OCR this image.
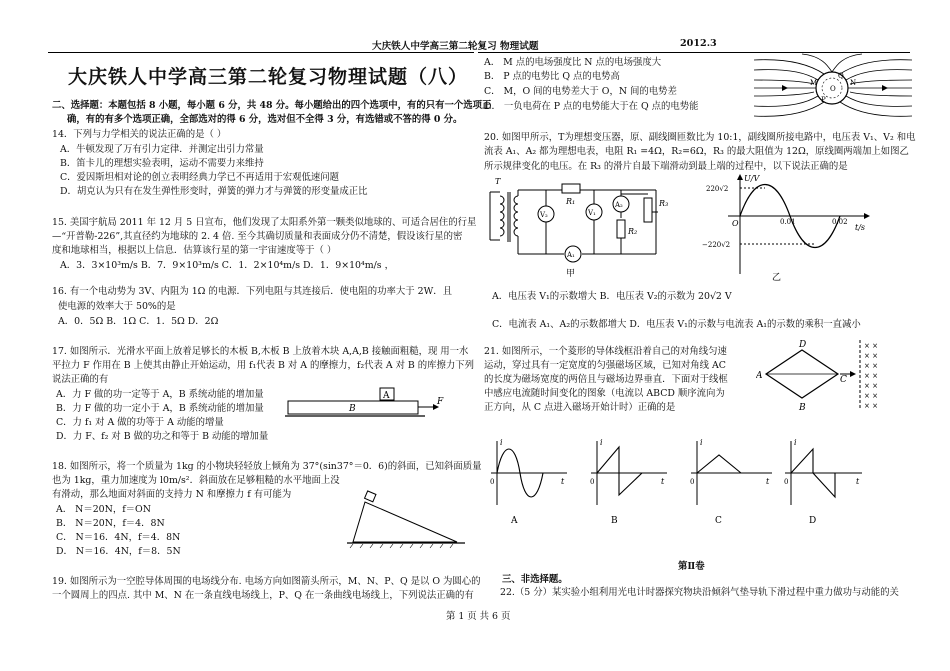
大庆铁人中学高三第二轮复习 物理试题	2012.3
大庆铁人中学高三第二轮复习物理试题（八）
二、选择题：本题包括 8 小题，每小题 6 分，共 48 分。每小题给出的四个选项中，有的只有一个选项正
确，有的有多个选项正确，全部选对的得 6 分，选对但不全得 3 分，有选错或不答的得 0 分。
14．下列与力学相关的说法正确的是（ ）
A．牛顿发现了万有引力定律．并测定出引力常量
B．笛卡儿的理想实验表明，运动不需要力来维持
C．爱因斯坦相对论的创立表明经典力学已不再适用于宏观低速问题
D．胡克认为只有在发生弹性形变时，弹簧的弹力才与弹簧的形变量成正比
15. 美国宇航局 2011 年 12 月 5 日宣布，他们发现了太阳系外第一颗类似地球的、可适合居住的行星
—“开普勒-226”,其直径约为地球的 2. 4 倍. 至今其确切质量和表面成分仍不清楚，假设该行星的密
度和地球相当，根据以上信息．估算该行星的第一宇宙速度等于（ ）
A．3．3×10³m/s B．7．9×10³m/s C．1．2×10⁴m/s D．1．9×10⁴m/s ，
16. 有一个电动势为 3V、内阻为 1Ω 的电源．下列电阻与其连接后．使电阻的功率大于 2W．且
使电源的效率大于 50%的是
A．0．5Ω B．1Ω C．1．5Ω D．2Ω
17. 如图所示．光滑水平面上放着足够长的木板 B,木板 B 上放着木块 A,A,B 接触面粗糙，现 用一水
平拉力 F 作用在 B 上使其由静止开始运动，用 f₁代表 B 对 A 的摩擦力，f₂代表 A 对 B 的库擦力下列
说法正确的有
A．力 F 做的功一定等于 A，B 系统动能的增加量
B．力 F 做的功一定小于 A，B 系统动能的增加量
C．力 f₁ 对 A 做的功等于 A 动能的增量
D．力 F、f₂ 对 B 做的功之和等于 B 动能的增加量
A
B
F
18. 如图所示，将一个质量为 1kg 的小物块轻轻放上倾角为 37°(sin37°＝0．6)的斜面，已知斜面质量
也为 1kg，重力加速度为 l0m/s²．斜面放在足够粗糙的水平地面上没
有滑动，那么地面对斜面的支持力 N 和摩擦力 f 有可能为
A． N＝20N，f＝ON
B． N＝20N，f＝4．8N
C． N＝16．4N，f＝4．8N
D． N＝16．4N，f＝8．5N
19. 如图所示为一空腔导体周围的电场线分布. 电场方向如图箭头所示，M、N、P、Q 是以 O 为圆心的
一个圆周上的四点. 其中 M、N 在一条直线电场线上，P、Q 在一条曲线电场线上，下列说法正确的有
A． M 点的电场强度比 N 点的电场强度大
B． P 点的电势比 Q 点的电势高
C． M，O 间的电势差大于 O，N 间的电势差
D． 一负电荷在 P 点的电势能大于在 Q 点的电势能
M	N
O
P
Q
20. 如图甲所示，T为理想变压器，原、副线圈匝数比为 10:1，副线圈所接电路中，电压表 V₁、V₂ 和电
流表 A₁、A₂ 都为理想电表，电阻 R₁ =4Ω，R₂=6Ω，R₃ 的最大阻值为 12Ω，原线圈两端加上如图乙
所示规律变化的电压。在 R₃ 的滑片自最下端滑动到最上端的过程中，以下说法正确的是
T
R₁
R₂
R₃
V₂	V₁
A₂
A₁
甲
U/V
t/s
220√2
−220√2
O	0.01	0.02
乙
A．电压表 V₁的示数增大 B．电压表 V₂的示数为 20√2 V
C．电流表 A₁、A₂的示数都增大 D．电压表 V₁的示数与电流表 A₁的示数的乘积一直减小
21. 如图所示，一个菱形的导体线框沿着自己的对角线匀速
运动，穿过具有一定宽度的匀强磁场区域，已知对角线 AC
的长度为磁场宽度的两倍且与磁场边界垂直．下面对于线框
中感应电流随时间变化的图象（电流以 ABCD 顺序流向为
正方向，从 C 点进入磁场开始计时）正确的是
× ×
× ×
× ×
× ×
× ×
× ×
× ×
A
D
C
B
i
t
0
A
i
t
0
B
i
t
0
C
i
t
0
D
第Ⅱ卷
三、非选择题。
22.（5 分）某实验小组利用光电计时器探究物块沿倾斜气垫导轨下滑过程中重力做功与动能的关
第 1 页 共 6 页
